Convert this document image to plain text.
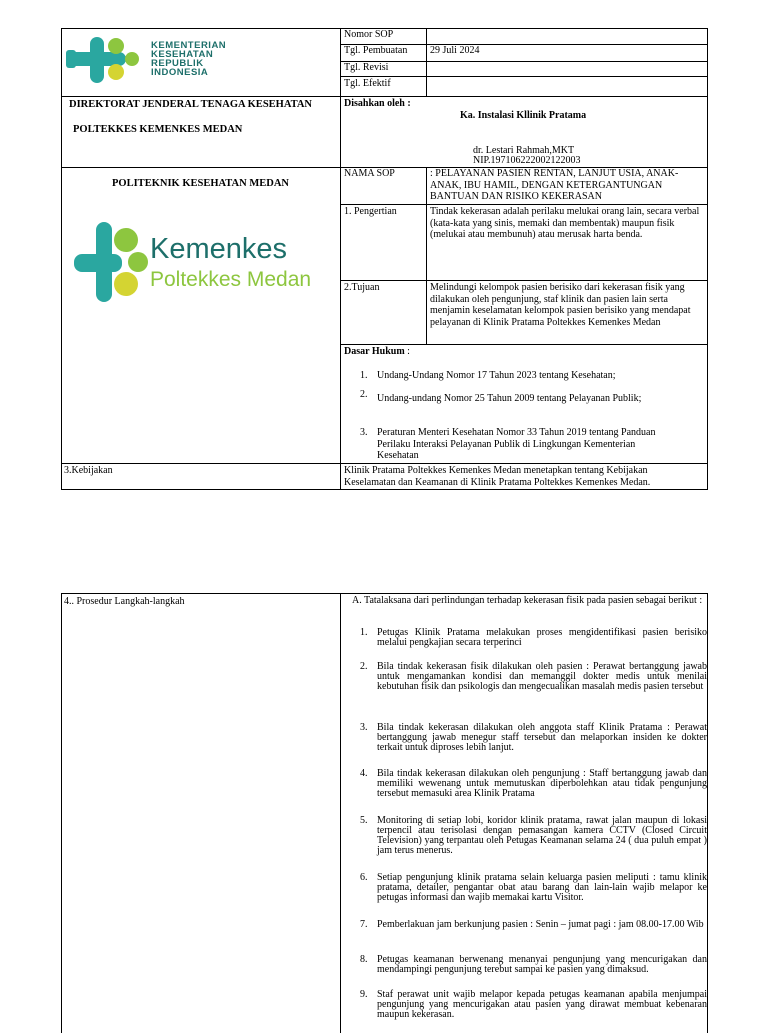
KEMENTERIAN
KESEHATAN
REPUBLIK
INDONESIA
Nomor SOP
Tgl. Pembuatan 29 Juli 2024
Tgl. Revisi
Tgl. Efektif
DIREKTORAT JENDERAL TENAGA KESEHATAN
POLTEKKES KEMENKES MEDAN
Disahkan oleh :
Ka. Instalasi Kllinik Pratama
dr. Lestari Rahmah,MKT
NIP.197106222002122003
POLITEKNIK KESEHATAN MEDAN
Kemenkes
Poltekkes Medan
NAMA SOP	: PELAYANAN PASIEN RENTAN, LANJUT USIA, ANAK-ANAK, IBU HAMIL, DENGAN KETERGANTUNGAN BANTUAN DAN RISIKO KEKERASAN
1. Pengertian	Tindak kekerasan adalah perilaku melukai orang lain, secara verbal (kata-kata yang sinis, memaki dan membentak) maupun fisik (melukai atau membunuh) atau merusak harta benda.
2.Tujuan	Melindungi kelompok pasien berisiko dari kekerasan fisik yang dilakukan oleh pengunjung, staf klinik dan pasien lain serta menjamin keselamatan kelompok pasien berisiko yang mendapat pelayanan di Klinik Pratama Poltekkes Kemenkes Medan
Dasar Hukum :
1. Undang-Undang Nomor 17 Tahun 2023 tentang Kesehatan;
2. Undang-undang Nomor 25 Tahun 2009 tentang Pelayanan Publik;
3. Peraturan Menteri Kesehatan Nomor 33 Tahun 2019 tentang Panduan Perilaku Interaksi Pelayanan Publik di Lingkungan Kementerian Kesehatan
3.Kebijakan	Klinik Pratama Poltekkes Kemenkes Medan menetapkan tentang Kebijakan Keselamatan dan Keamanan di Klinik Pratama Poltekkes Kemenkes Medan.
4.. Prosedur Langkah-langkah	A. Tatalaksana dari perlindungan terhadap kekerasan fisik pada pasien sebagai berikut :
1. Petugas Klinik Pratama melakukan proses mengidentifikasi pasien berisiko melalui pengkajian secara terperinci
2. Bila tindak kekerasan fisik dilakukan oleh pasien : Perawat bertanggung jawab untuk mengamankan kondisi dan memanggil dokter medis untuk menilai kebutuhan fisik dan psikologis dan mengecualikan masalah medis pasien tersebut
3. Bila tindak kekerasan dilakukan oleh anggota staff Klinik Pratama : Perawat bertanggung jawab menegur staff tersebut dan melaporkan insiden ke dokter terkait untuk diproses lebih lanjut.
4. Bila tindak kekerasan dilakukan oleh pengunjung : Staff bertanggung jawab dan memiliki wewenang untuk memutuskan diperbolehkan atau tidak pengunjung tersebut memasuki area Klinik Pratama
5. Monitoring di setiap lobi, koridor klinik pratama, rawat jalan maupun di lokasi terpencil atau terisolasi dengan pemasangan kamera CCTV (Closed Circuit Television) yang terpantau oleh Petugas Keamanan selama 24 ( dua puluh empat ) jam terus menerus.
6. Setiap pengunjung klinik pratama selain keluarga pasien meliputi : tamu klinik pratama, detailer, pengantar obat atau barang dan lain-lain wajib melapor ke petugas informasi dan wajib memakai kartu Visitor.
7. Pemberlakuan jam berkunjung pasien : Senin – jumat pagi : jam 08.00-17.00 Wib
8. Petugas keamanan berwenang menanyai pengunjung yang mencurigakan dan mendampingi pengunjung terebut sampai ke pasien yang dimaksud.
9. Staf perawat unit wajib melapor kepada petugas keamanan apabila menjumpai pengunjung yang mencurigakan atau pasien yang dirawat membuat kebenaran maupun kekerasan.
